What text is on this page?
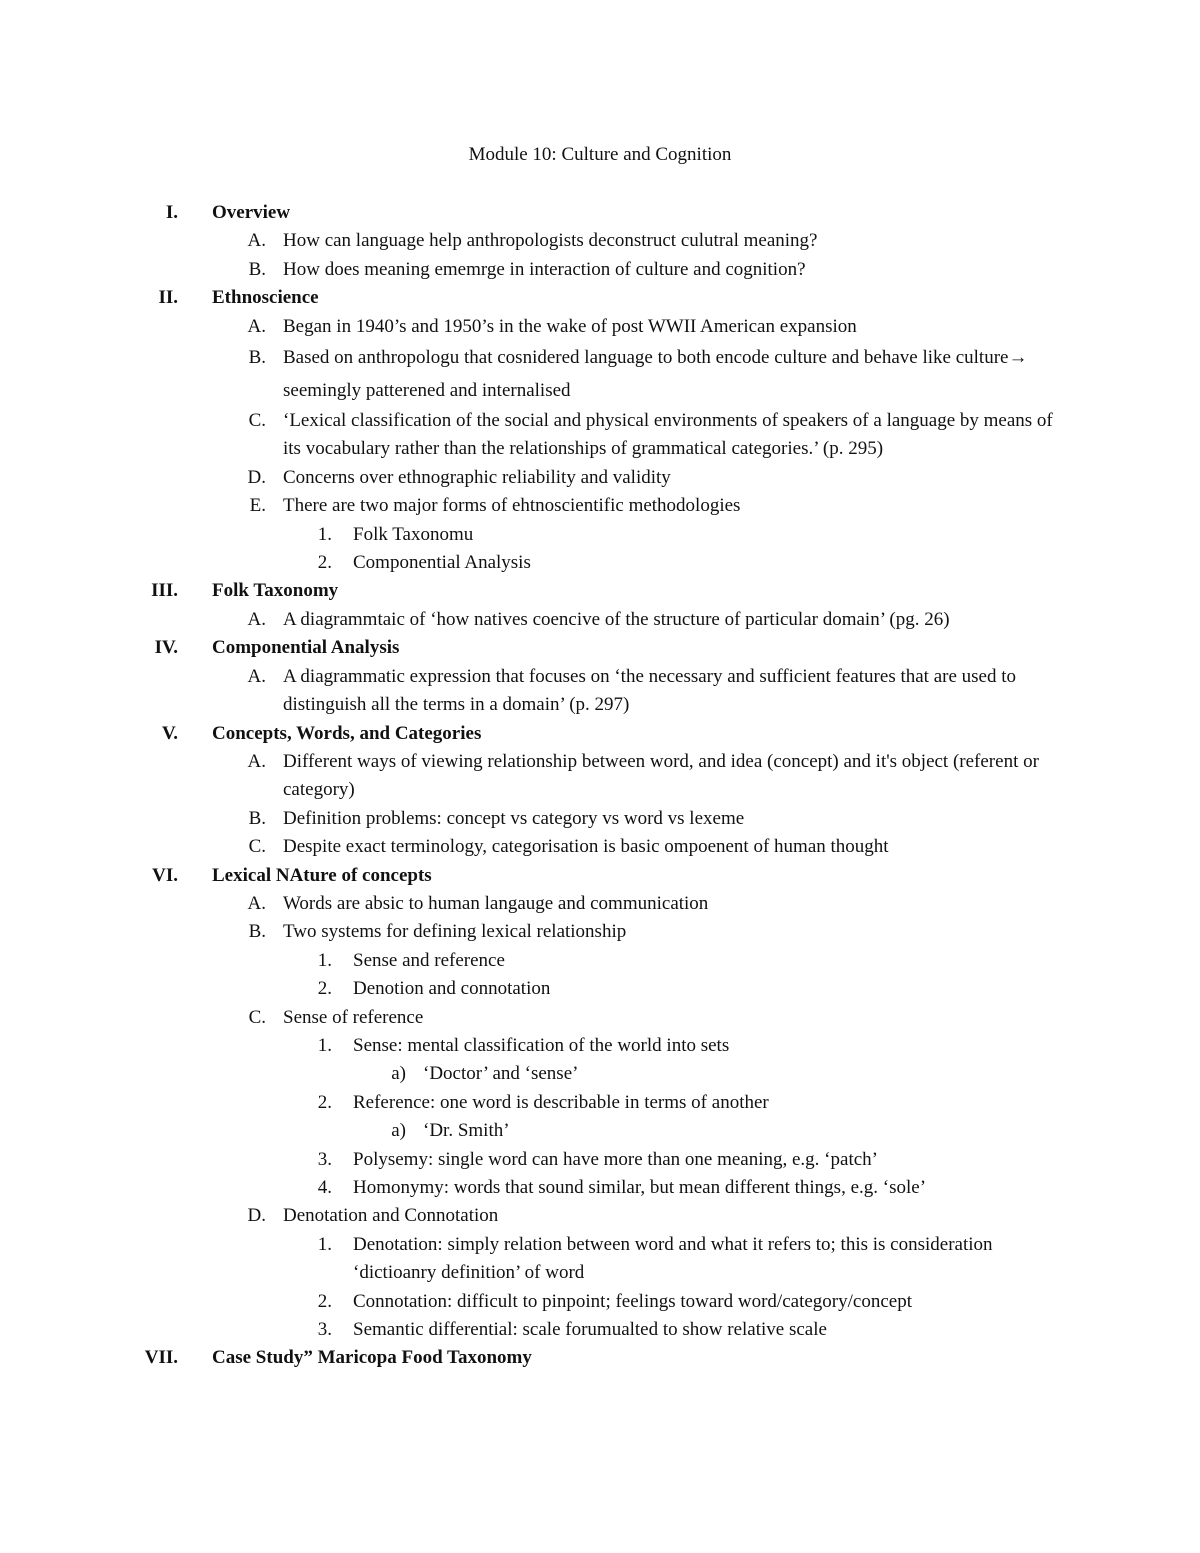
Module 10: Culture and Cognition
I. Overview
A. How can language help anthropologists deconstruct culutral meaning?
B. How does meaning ememrge in interaction of culture and cognition?
II. Ethnoscience
A. Began in 1940’s and 1950’s in the wake of post WWII American expansion
B. Based on anthropologu that cosnidered language to both encode culture and behave like culture→ seemingly patterened and internalised
C. ‘Lexical classification of the social and physical environments of speakers of a language by means of its vocabulary rather than the relationships of grammatical categories.’ (p. 295)
D. Concerns over ethnographic reliability and validity
E. There are two major forms of ehtnoscientific methodologies
1. Folk Taxonomu
2. Componential Analysis
III. Folk Taxonomy
A. A diagrammtaic of ‘how natives coencive of the structure of particular domain’ (pg. 26)
IV. Componential Analysis
A. A diagrammatic expression that focuses on ‘the necessary and sufficient features that are used to distinguish all the terms in a domain’ (p. 297)
V. Concepts, Words, and Categories
A. Different ways of viewing relationship between word, and idea (concept) and it's object (referent or category)
B. Definition problems: concept vs category vs word vs lexeme
C. Despite exact terminology, categorisation is basic ompoenent of human thought
VI. Lexical NAture of concepts
A. Words are absic to human langauge and communication
B. Two systems for defining lexical relationship
1. Sense and reference
2. Denotion and connotation
C. Sense of reference
1. Sense: mental classification of the world into sets
a) ‘Doctor’ and ‘sense’
2. Reference: one word is describable in terms of another
a) ‘Dr. Smith’
3. Polysemy: single word can have more than one meaning, e.g. ‘patch’
4. Homonymy: words that sound similar, but mean different things, e.g. ‘sole’
D. Denotation and Connotation
1. Denotation: simply relation between word and what it refers to; this is consideration ‘dictioanry definition’ of word
2. Connotation: difficult to pinpoint; feelings toward word/category/concept
3. Semantic differential: scale forumualted to show relative scale
VII. Case Study” Maricopa Food Taxonomy
